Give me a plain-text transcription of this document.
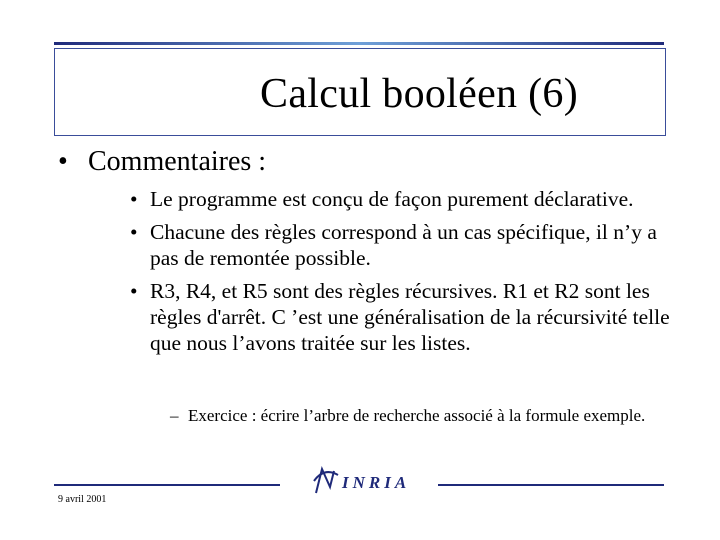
Calcul booléen (6)
• Commentaires :
• Le programme est conçu de façon purement déclarative.
• Chacune des règles correspond à un cas spécifique, il n’y a pas de remontée possible.
• R3, R4, et R5 sont des règles récursives. R1 et R2 sont les règles d'arrêt. C ’est une généralisation de la récursivité telle que nous l’avons traitée sur les listes.
– Exercice : écrire l’arbre de recherche associé à la formule exemple.
INRIA
9 avril 2001
